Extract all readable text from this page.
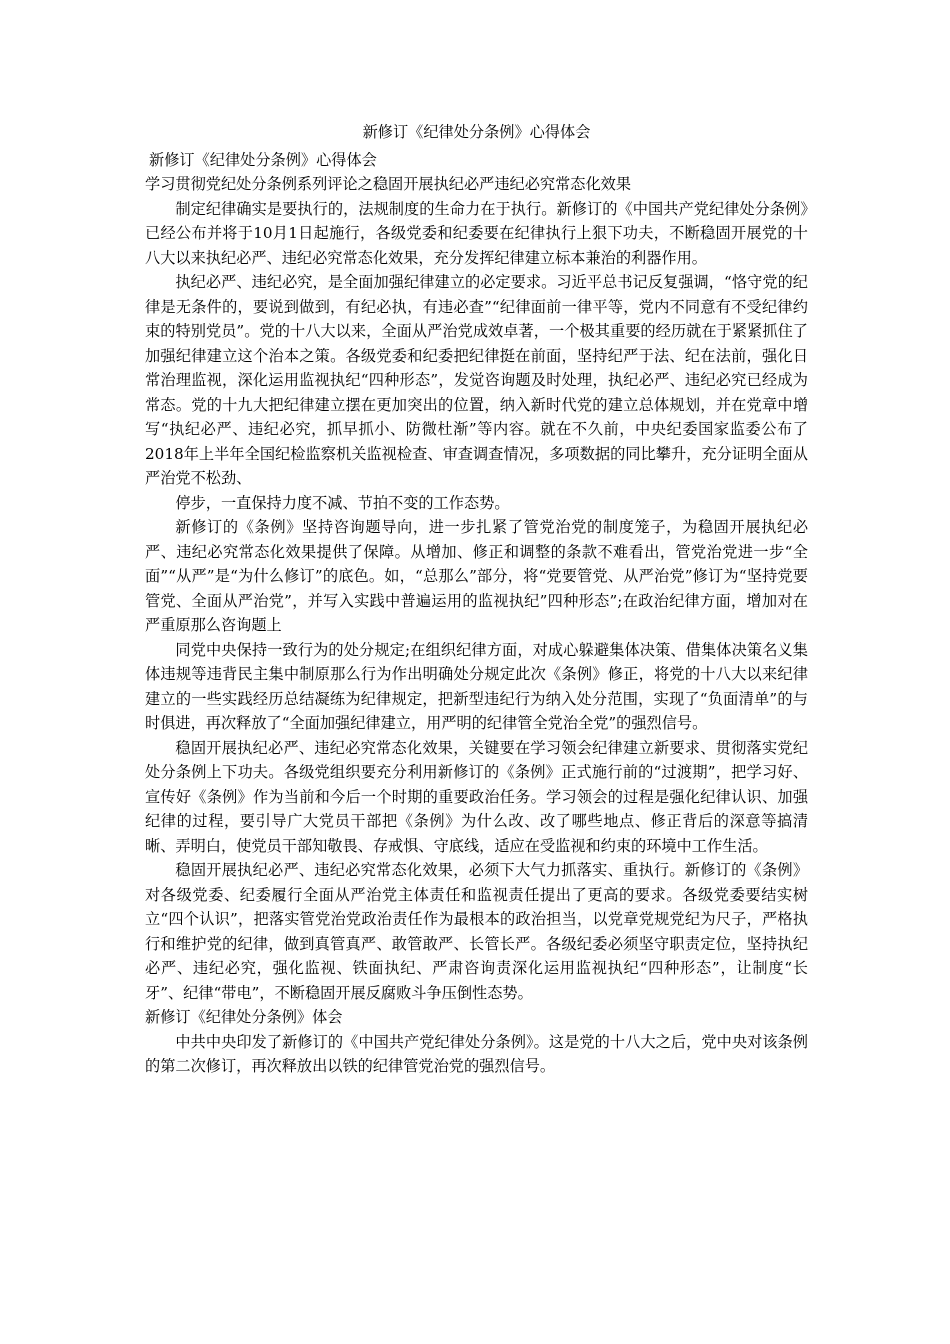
新修订《纪律处分条例》心得体会

新修订《纪律处分条例》心得体会

学习贯彻党纪处分条例系列评论之稳固开展执纪必严违纪必究常态化效果

制定纪律确实是要执行的，法规制度的生命力在于执行。新修订的《中国共产党纪律处分条例》已经公布并将于10月1日起施行，各级党委和纪委要在纪律执行上狠下功夫，不断稳固开展党的十八大以来执纪必严、违纪必究常态化效果，充分发挥纪律建立标本兼治的利器作用。

执纪必严、违纪必究，是全面加强纪律建立的必定要求。习近平总书记反复强调，“恪守党的纪律是无条件的，要说到做到，有纪必执，有违必查”“纪律面前一律平等，党内不同意有不受纪律约束的特别党员”。党的十八大以来，全面从严治党成效卓著，一个极其重要的经历就在于紧紧抓住了加强纪律建立这个治本之策。各级党委和纪委把纪律挺在前面，坚持纪严于法、纪在法前，强化日常治理监视，深化运用监视执纪“四种形态”，发觉咨询题及时处理，执纪必严、违纪必究已经成为常态。党的十九大把纪律建立摆在更加突出的位置，纳入新时代党的建立总体规划，并在党章中增写“执纪必严、违纪必究，抓早抓小、防微杜渐”等内容。就在不久前，中央纪委国家监委公布了2018年上半年全国纪检监察机关监视检查、审查调查情况，多项数据的同比攀升，充分证明全面从严治党不松劲、

停步，一直保持力度不减、节拍不变的工作态势。

新修订的《条例》坚持咨询题导向，进一步扎紧了管党治党的制度笼子，为稳固开展执纪必严、违纪必究常态化效果提供了保障。从增加、修正和调整的条款不难看出，管党治党进一步“全面”“从严”是“为什么修订”的底色。如，“总那么”部分，将“党要管党、从严治党”修订为“坚持党要管党、全面从严治党”，并写入实践中普遍运用的监视执纪”四种形态”;在政治纪律方面，增加对在严重原那么咨询题上

同党中央保持一致行为的处分规定;在组织纪律方面，对成心躲避集体决策、借集体决策名义集体违规等违背民主集中制原那么行为作出明确处分规定此次《条例》修正，将党的十八大以来纪律建立的一些实践经历总结凝练为纪律规定，把新型违纪行为纳入处分范围，实现了“负面清单”的与时俱进，再次释放了“全面加强纪律建立，用严明的纪律管全党治全党”的强烈信号。

稳固开展执纪必严、违纪必究常态化效果，关键要在学习领会纪律建立新要求、贯彻落实党纪处分条例上下功夫。各级党组织要充分利用新修订的《条例》正式施行前的“过渡期”，把学习好、宣传好《条例》作为当前和今后一个时期的重要政治任务。学习领会的过程是强化纪律认识、加强纪律的过程，要引导广大党员干部把《条例》为什么改、改了哪些地点、修正背后的深意等搞清晰、弄明白，使党员干部知敬畏、存戒惧、守底线，适应在受监视和约束的环境中工作生活。

稳固开展执纪必严、违纪必究常态化效果，必须下大气力抓落实、重执行。新修订的《条例》对各级党委、纪委履行全面从严治党主体责任和监视责任提出了更高的要求。各级党委要结实树立“四个认识”，把落实管党治党政治责任作为最根本的政治担当，以党章党规党纪为尺子，严格执行和维护党的纪律，做到真管真严、敢管敢严、长管长严。各级纪委必须坚守职责定位，坚持执纪必严、违纪必究，强化监视、铁面执纪、严肃咨询责深化运用监视执纪“四种形态”，让制度“长牙”、纪律“带电”，不断稳固开展反腐败斗争压倒性态势。

新修订《纪律处分条例》体会

中共中央印发了新修订的《中国共产党纪律处分条例》。这是党的十八大之后，党中央对该条例的第二次修订，再次释放出以铁的纪律管党治党的强烈信号。
